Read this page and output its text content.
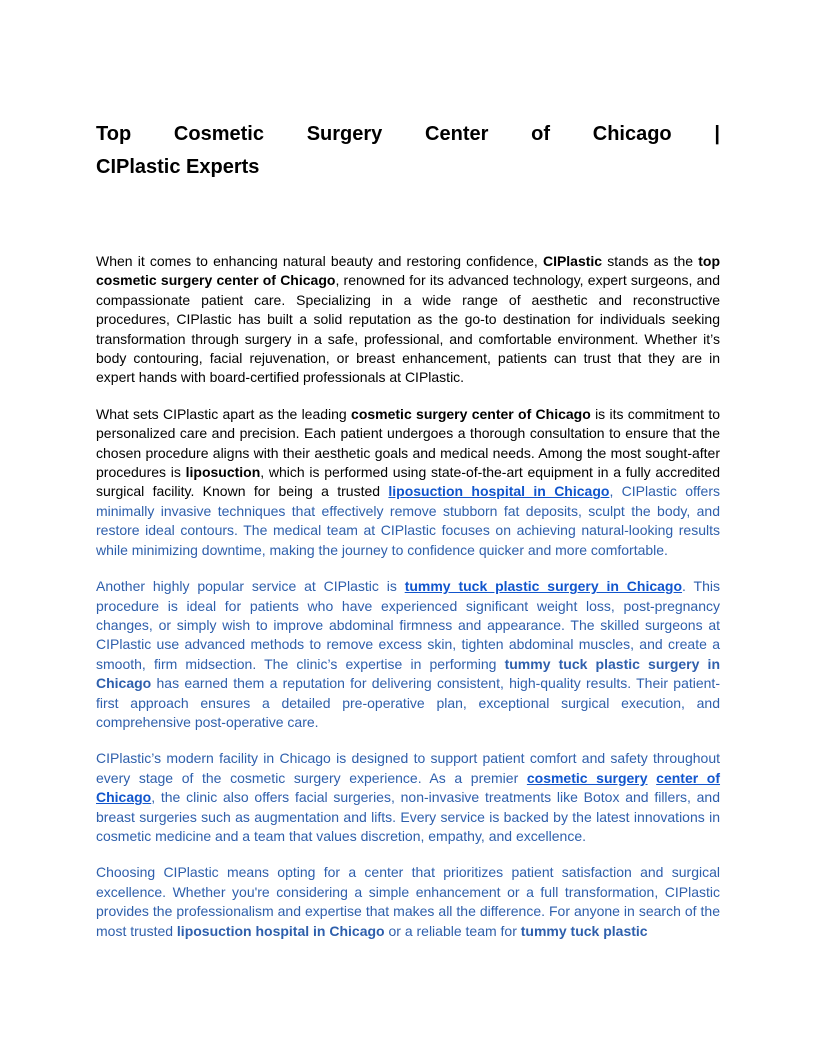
Top Cosmetic Surgery Center of Chicago |
CIPlastic Experts

When it comes to enhancing natural beauty and restoring confidence, CIPlastic stands as the top cosmetic surgery center of Chicago, renowned for its advanced technology, expert surgeons, and compassionate patient care. Specializing in a wide range of aesthetic and reconstructive procedures, CIPlastic has built a solid reputation as the go-to destination for individuals seeking transformation through surgery in a safe, professional, and comfortable environment. Whether it’s body contouring, facial rejuvenation, or breast enhancement, patients can trust that they are in expert hands with board-certified professionals at CIPlastic.

What sets CIPlastic apart as the leading cosmetic surgery center of Chicago is its commitment to personalized care and precision. Each patient undergoes a thorough consultation to ensure that the chosen procedure aligns with their aesthetic goals and medical needs. Among the most sought-after procedures is liposuction, which is performed using state-of-the-art equipment in a fully accredited surgical facility. Known for being a trusted liposuction hospital in Chicago, CIPlastic offers minimally invasive techniques that effectively remove stubborn fat deposits, sculpt the body, and restore ideal contours. The medical team at CIPlastic focuses on achieving natural-looking results while minimizing downtime, making the journey to confidence quicker and more comfortable.

Another highly popular service at CIPlastic is tummy tuck plastic surgery in Chicago. This procedure is ideal for patients who have experienced significant weight loss, post-pregnancy changes, or simply wish to improve abdominal firmness and appearance. The skilled surgeons at CIPlastic use advanced methods to remove excess skin, tighten abdominal muscles, and create a smooth, firm midsection. The clinic’s expertise in performing tummy tuck plastic surgery in Chicago has earned them a reputation for delivering consistent, high-quality results. Their patient-first approach ensures a detailed pre-operative plan, exceptional surgical execution, and comprehensive post-operative care.

CIPlastic’s modern facility in Chicago is designed to support patient comfort and safety throughout every stage of the cosmetic surgery experience. As a premier cosmetic surgery center of Chicago, the clinic also offers facial surgeries, non-invasive treatments like Botox and fillers, and breast surgeries such as augmentation and lifts. Every service is backed by the latest innovations in cosmetic medicine and a team that values discretion, empathy, and excellence.

Choosing CIPlastic means opting for a center that prioritizes patient satisfaction and surgical excellence. Whether you're considering a simple enhancement or a full transformation, CIPlastic provides the professionalism and expertise that makes all the difference. For anyone in search of the most trusted liposuction hospital in Chicago or a reliable team for tummy tuck plastic
